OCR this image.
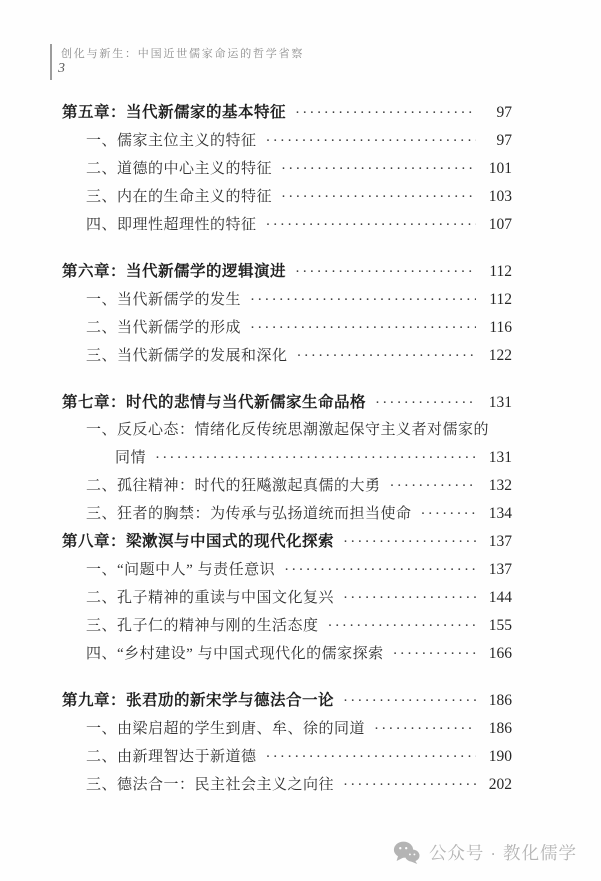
创化与新生：中国近世儒家命运的哲学省察
3
第五章：当代新儒家的基本特征 ·····	97
一、儒家主位主义的特征 ·····	97
二、道德的中心主义的特征 ·····	101
三、内在的生命主义的特征 ·····	103
四、即理性超理性的特征 ·····	107
第六章：当代新儒学的逻辑演进 ·····	112
一、当代新儒学的发生 ·····	112
二、当代新儒学的形成 ·····	116
三、当代新儒学的发展和深化 ·····	122
第七章：时代的悲情与当代新儒家生命品格 ·····	131
一、反反心态：情绪化反传统思潮激起保守主义者对儒家的
同情 ·····	131
二、孤往精神：时代的狂飚激起真儒的大勇 ·····	132
三、狂者的胸禁：为传承与弘扬道统而担当使命 ·····	134
第八章：梁漱溟与中国式的现代化探索 ·····	137
一、“问题中人” 与责任意识 ·····	137
二、孔子精神的重读与中国文化复兴 ·····	144
三、孔子仁的精神与刚的生活态度 ·····	155
四、“乡村建设” 与中国式现代化的儒家探索 ·····	166
第九章：张君劢的新宋学与德法合一论 ·····	186
一、由梁启超的学生到唐、牟、徐的同道 ·····	186
二、由新理智达于新道德 ·····	190
三、德法合一：民主社会主义之向往 ·····	202
公众号 · 教化儒学
